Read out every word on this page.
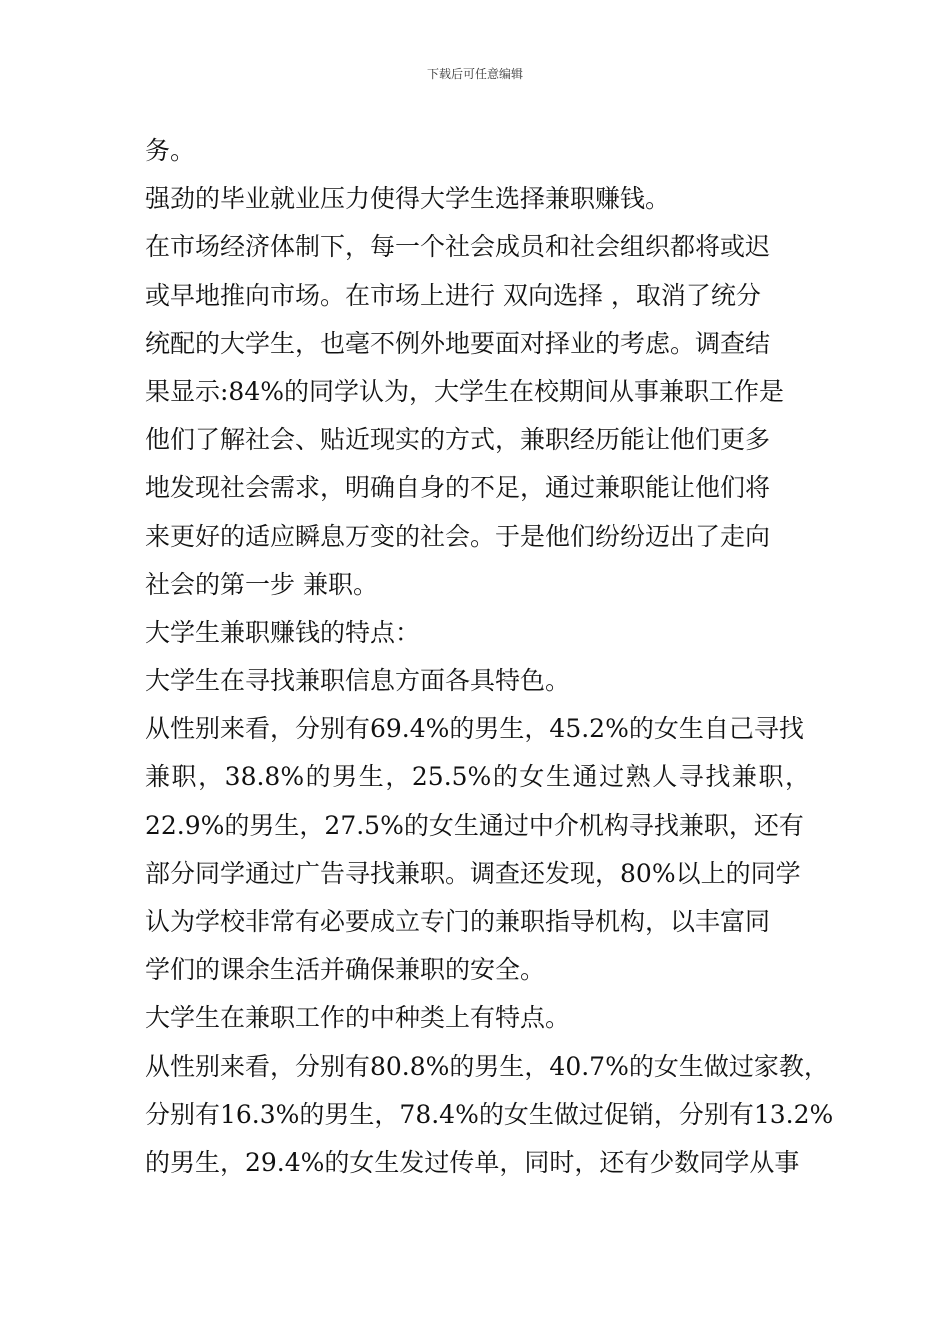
下载后可任意编辑
务。
强劲的毕业就业压力使得大学生选择兼职赚钱。
在市场经济体制下，每一个社会成员和社会组织都将或迟
或早地推向市场。在市场上进行 双向选择 ，取消了统分
统配的大学生，也毫不例外地要面对择业的考虑。调查结
果显示:84%的同学认为，大学生在校期间从事兼职工作是
他们了解社会、贴近现实的方式，兼职经历能让他们更多
地发现社会需求，明确自身的不足，通过兼职能让他们将
来更好的适应瞬息万变的社会。于是他们纷纷迈出了走向
社会的第一步 兼职。
大学生兼职赚钱的特点：
大学生在寻找兼职信息方面各具特色。
从性别来看，分别有69.4%的男生，45.2%的女生自己寻找
兼职，38.8%的男生，25.5%的女生通过熟人寻找兼职，
22.9%的男生，27.5%的女生通过中介机构寻找兼职，还有
部分同学通过广告寻找兼职。调查还发现，80%以上的同学
认为学校非常有必要成立专门的兼职指导机构，以丰富同
学们的课余生活并确保兼职的安全。
大学生在兼职工作的中种类上有特点。
从性别来看，分别有80.8%的男生，40.7%的女生做过家教，
分别有16.3%的男生，78.4%的女生做过促销，分别有13.2%
的男生，29.4%的女生发过传单，同时，还有少数同学从事
